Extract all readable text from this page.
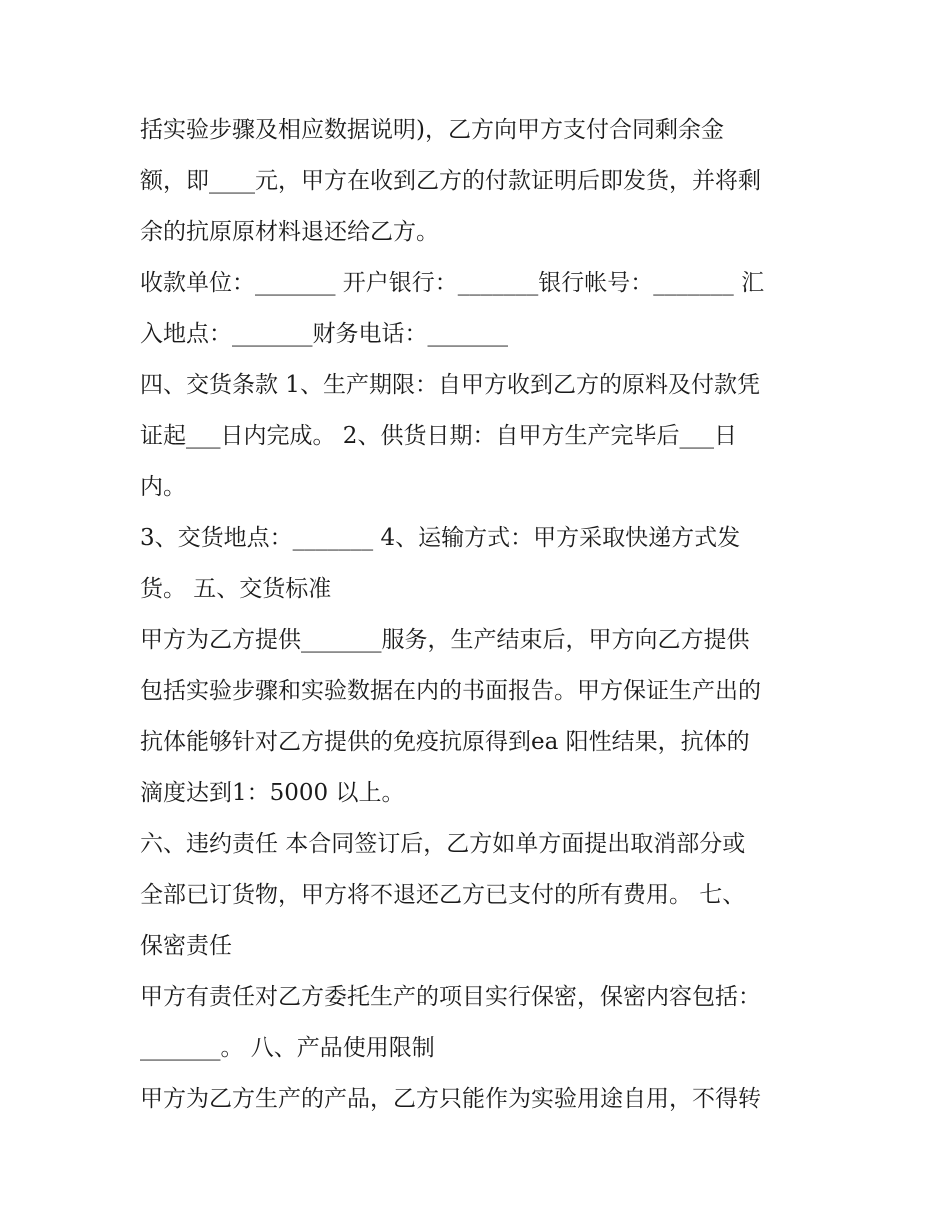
括实验步骤及相应数据说明)，乙方向甲方支付合同剩余金
额，即____元，甲方在收到乙方的付款证明后即发货，并将剩
余的抗原原材料退还给乙方。
收款单位：_______ 开户银行：_______银行帐号：_______ 汇
入地点：_______财务电话：_______
四、交货条款 1、生产期限：自甲方收到乙方的原料及付款凭
证起___日内完成。 2、供货日期：自甲方生产完毕后___日
内。
3、交货地点：_______ 4、运输方式：甲方采取快递方式发
货。 五、交货标准
甲方为乙方提供_______服务，生产结束后，甲方向乙方提供
包括实验步骤和实验数据在内的书面报告。甲方保证生产出的
抗体能够针对乙方提供的免疫抗原得到ea 阳性结果，抗体的
滴度达到1：5000 以上。
六、违约责任 本合同签订后，乙方如单方面提出取消部分或
全部已订货物，甲方将不退还乙方已支付的所有费用。 七、
保密责任
甲方有责任对乙方委托生产的项目实行保密，保密内容包括：
_______。 八、产品使用限制
甲方为乙方生产的产品，乙方只能作为实验用途自用，不得转
